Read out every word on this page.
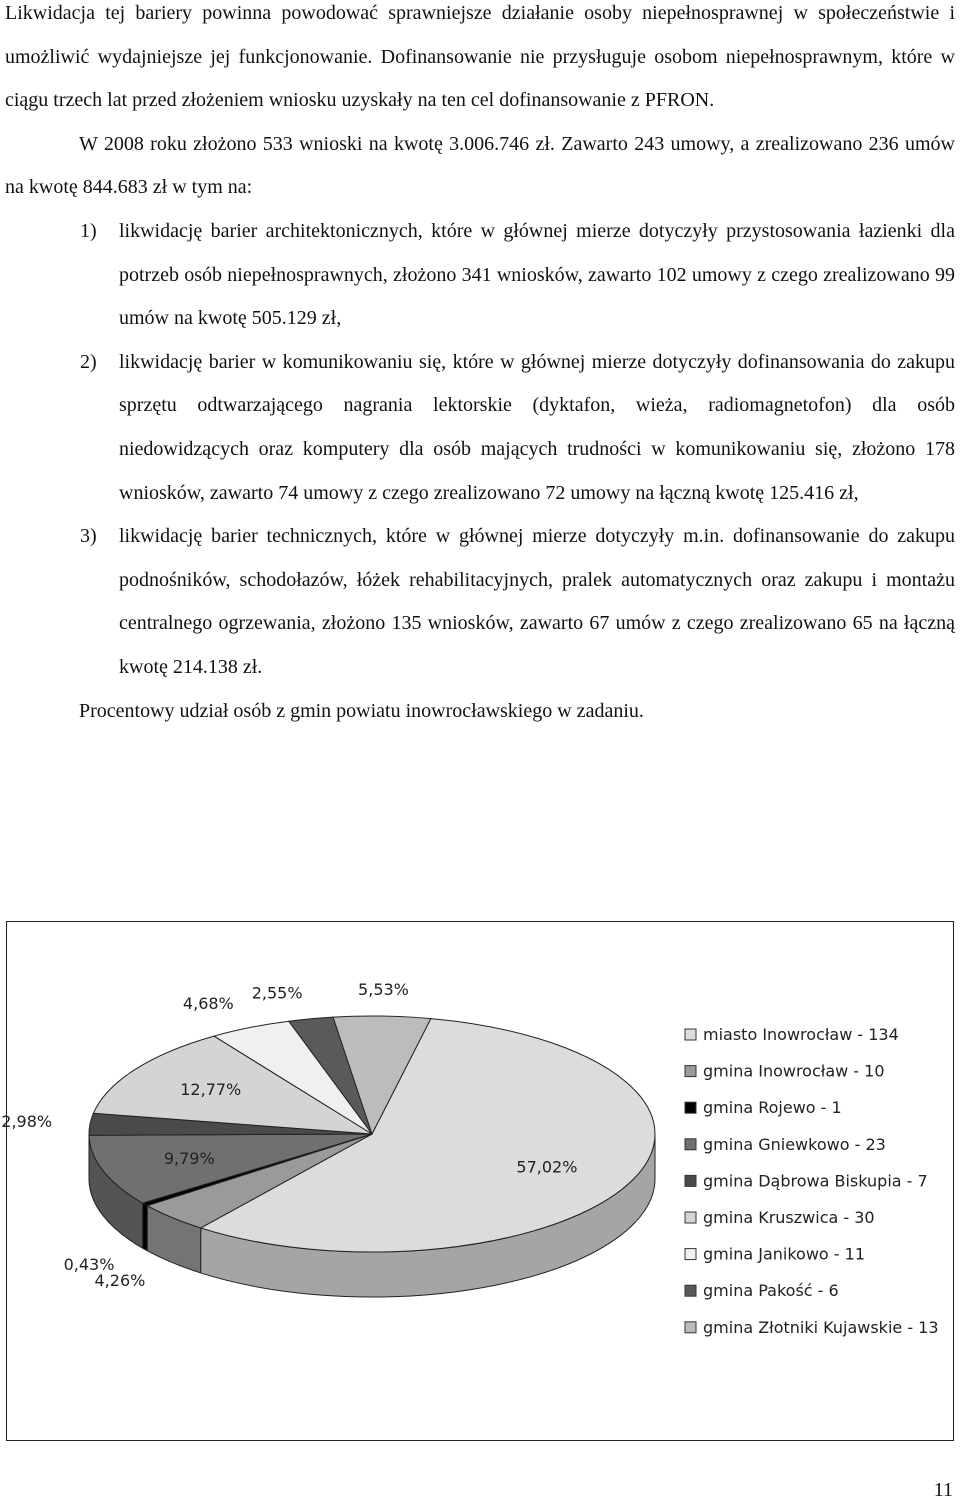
Likwidacja tej bariery powinna powodować sprawniejsze działanie osoby niepełnosprawnej w społeczeństwie i umożliwić wydajniejsze jej funkcjonowanie. Dofinansowanie nie przysługuje osobom niepełnosprawnym, które w ciągu trzech lat przed złożeniem wniosku uzyskały na ten cel dofinansowanie z PFRON.

W 2008 roku złożono 533 wnioski na kwotę 3.006.746 zł. Zawarto 243 umowy, a zrealizowano 236 umów na kwotę 844.683 zł w tym na:

1) likwidację barier architektonicznych, które w głównej mierze dotyczyły przystosowania łazienki dla potrzeb osób niepełnosprawnych, złożono 341 wniosków, zawarto 102 umowy z czego zrealizowano 99 umów na kwotę 505.129 zł,
2) likwidację barier w komunikowaniu się, które w głównej mierze dotyczyły dofinansowania do zakupu sprzętu odtwarzającego nagrania lektorskie (dyktafon, wieża, radiomagnetofon) dla osób niedowidzących oraz komputery dla osób mających trudności w komunikowaniu się, złożono 178 wniosków, zawarto 74 umowy z czego zrealizowano 72 umowy na łączną kwotę 125.416 zł,
3) likwidację barier technicznych, które w głównej mierze dotyczyły m.in. dofinansowanie do zakupu podnośników, schodołazów, łóżek rehabilitacyjnych, pralek automatycznych oraz zakupu i montażu centralnego ogrzewania, złożono 135 wniosków, zawarto 67 umów z czego zrealizowano 65 na łączną kwotę 214.138 zł.

Procentowy udział osób z gmin powiatu inowrocławskiego w zadaniu.

57,02%
4,26%
0,43%
9,79%
2,98%
12,77%
4,68%
2,55%	5,53%
miasto Inowrocław - 134
gmina Inowrocław - 10
gmina Rojewo - 1
gmina Gniewkowo - 23
gmina Dąbrowa Biskupia - 7
gmina Kruszwica - 30
gmina Janikowo - 11
gmina Pakość - 6
gmina Złotniki Kujawskie - 13
11
